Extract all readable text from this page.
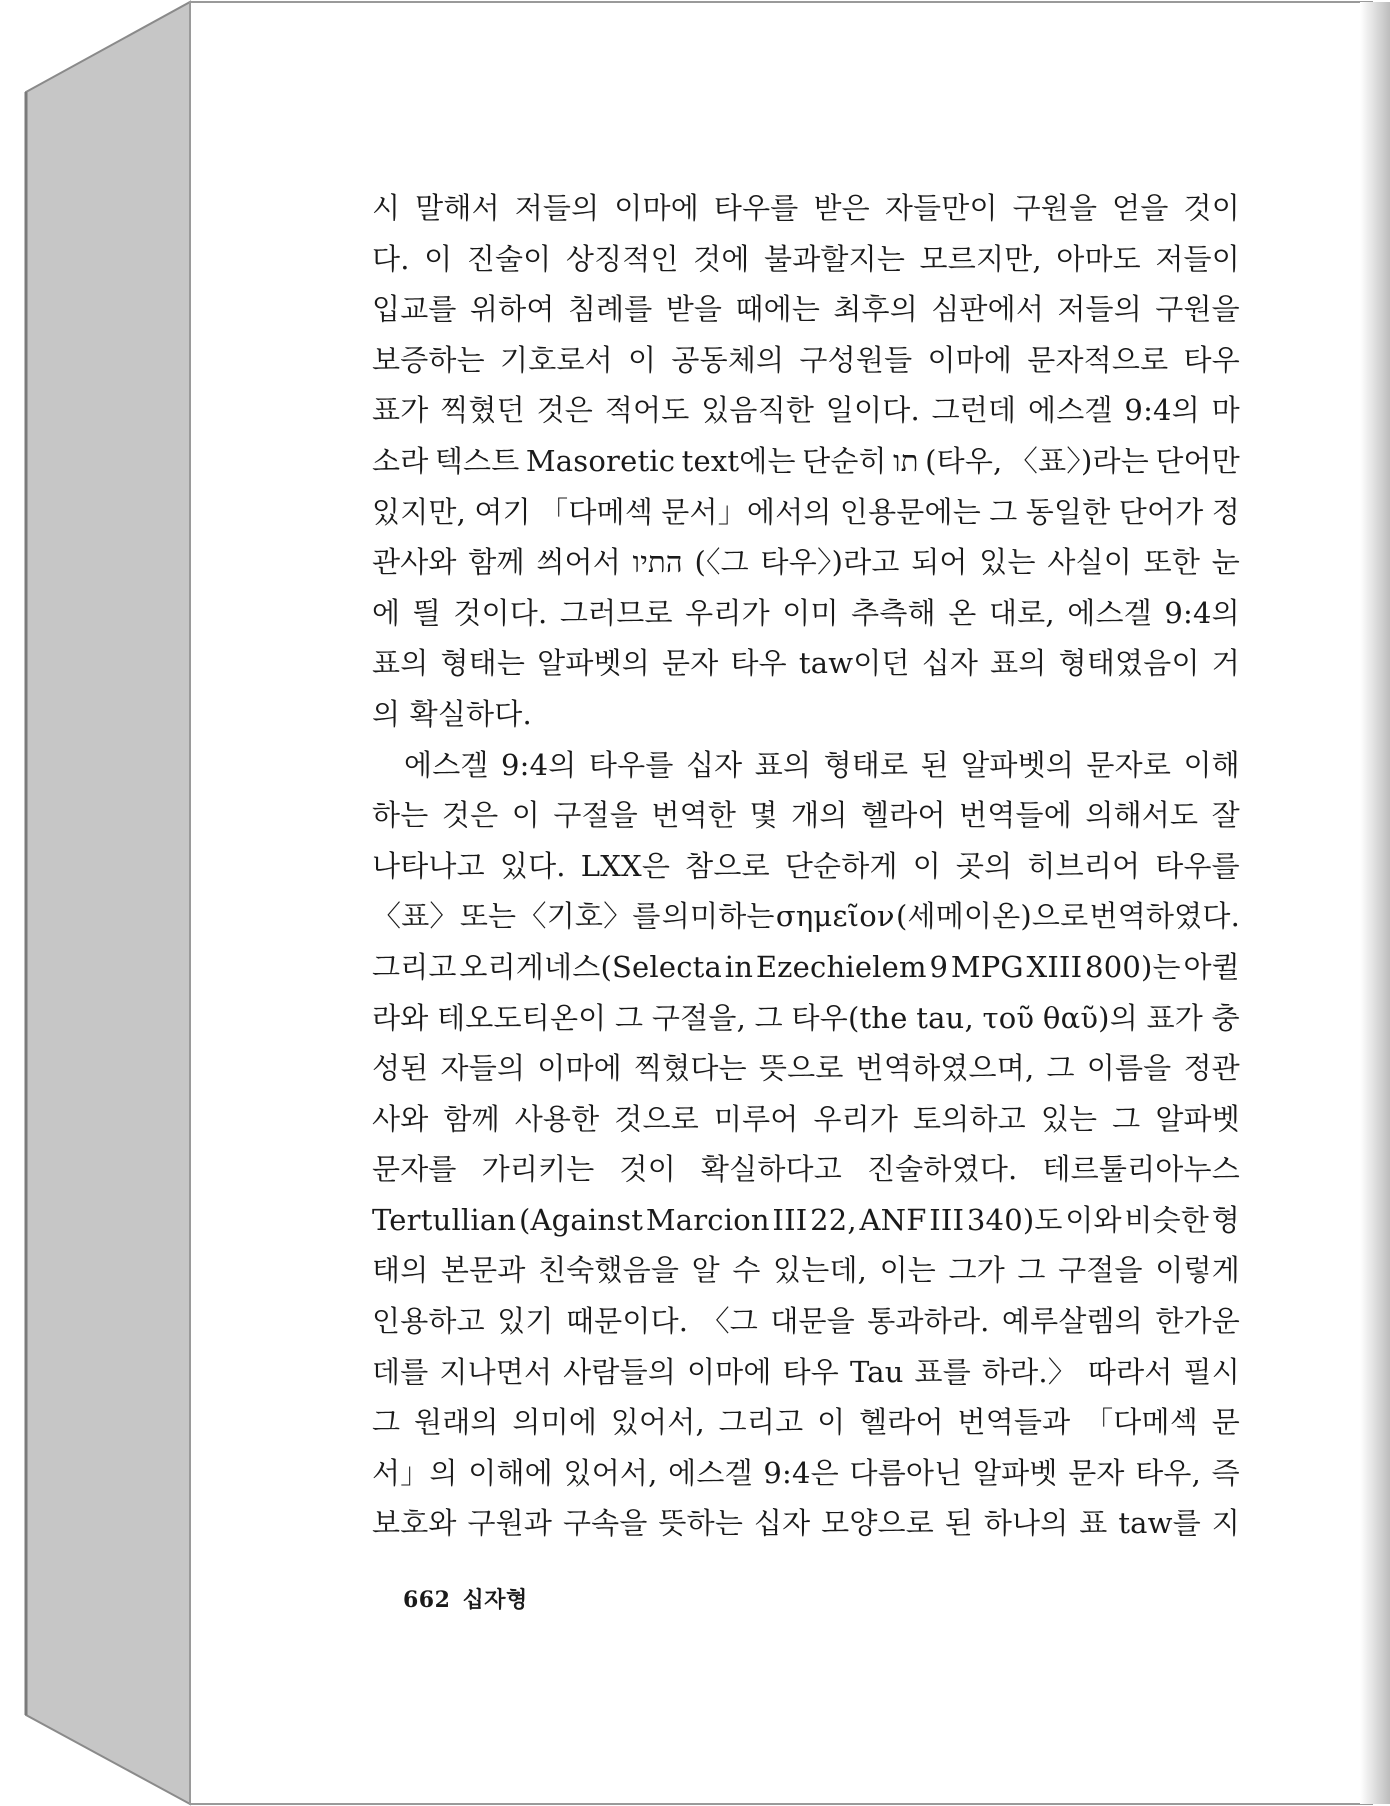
시 말해서 저들의 이마에 타우를 받은 자들만이 구원을 얻을 것이
다. 이 진술이 상징적인 것에 불과할지는 모르지만, 아마도 저들이
입교를 위하여 침례를 받을 때에는 최후의 심판에서 저들의 구원을
보증하는 기호로서 이 공동체의 구성원들 이마에 문자적으로 타우
표가 찍혔던 것은 적어도 있음직한 일이다. 그런데 에스겔 9:4의 마
소라 텍스트 Masoretic text에는 단순히 תו (타우, 〈표〉)라는 단어만
있지만, 여기 「다메섹 문서」에서의 인용문에는 그 동일한 단어가 정
관사와 함께 씌어서 התיו (〈그 타우〉)라고 되어 있는 사실이 또한 눈
에 띌 것이다. 그러므로 우리가 이미 추측해 온 대로, 에스겔 9:4의
표의 형태는 알파벳의 문자 타우 taw이던 십자 표의 형태였음이 거
의 확실하다.
에스겔 9:4의 타우를 십자 표의 형태로 된 알파벳의 문자로 이해
하는 것은 이 구절을 번역한 몇 개의 헬라어 번역들에 의해서도 잘
나타나고 있다. LXX은 참으로 단순하게 이 곳의 히브리어 타우를
〈표〉 또는 〈기호〉를 의미하는 σημεῖον (세메이온)으로 번역하였다.
그리고 오리게네스(Selecta in Ezechielem 9 MPG XIII 800)는 아퀼
라와 테오도티온이 그 구절을, 그 타우(the tau, τοῦ θαῦ)의 표가 충
성된 자들의 이마에 찍혔다는 뜻으로 번역하였으며, 그 이름을 정관
사와 함께 사용한 것으로 미루어 우리가 토의하고 있는 그 알파벳
문자를 가리키는 것이 확실하다고 진술하였다. 테르툴리아누스
Tertullian (Against Marcion III 22, ANF III 340)도 이와 비슷한 형
태의 본문과 친숙했음을 알 수 있는데, 이는 그가 그 구절을 이렇게
인용하고 있기 때문이다. 〈그 대문을 통과하라. 예루살렘의 한가운
데를 지나면서 사람들의 이마에 타우 Tau 표를 하라.〉 따라서 필시
그 원래의 의미에 있어서, 그리고 이 헬라어 번역들과 「다메섹 문
서」의 이해에 있어서, 에스겔 9:4은 다름아닌 알파벳 문자 타우, 즉
보호와 구원과 구속을 뜻하는 십자 모양으로 된 하나의 표 taw를 지
662 십자형
